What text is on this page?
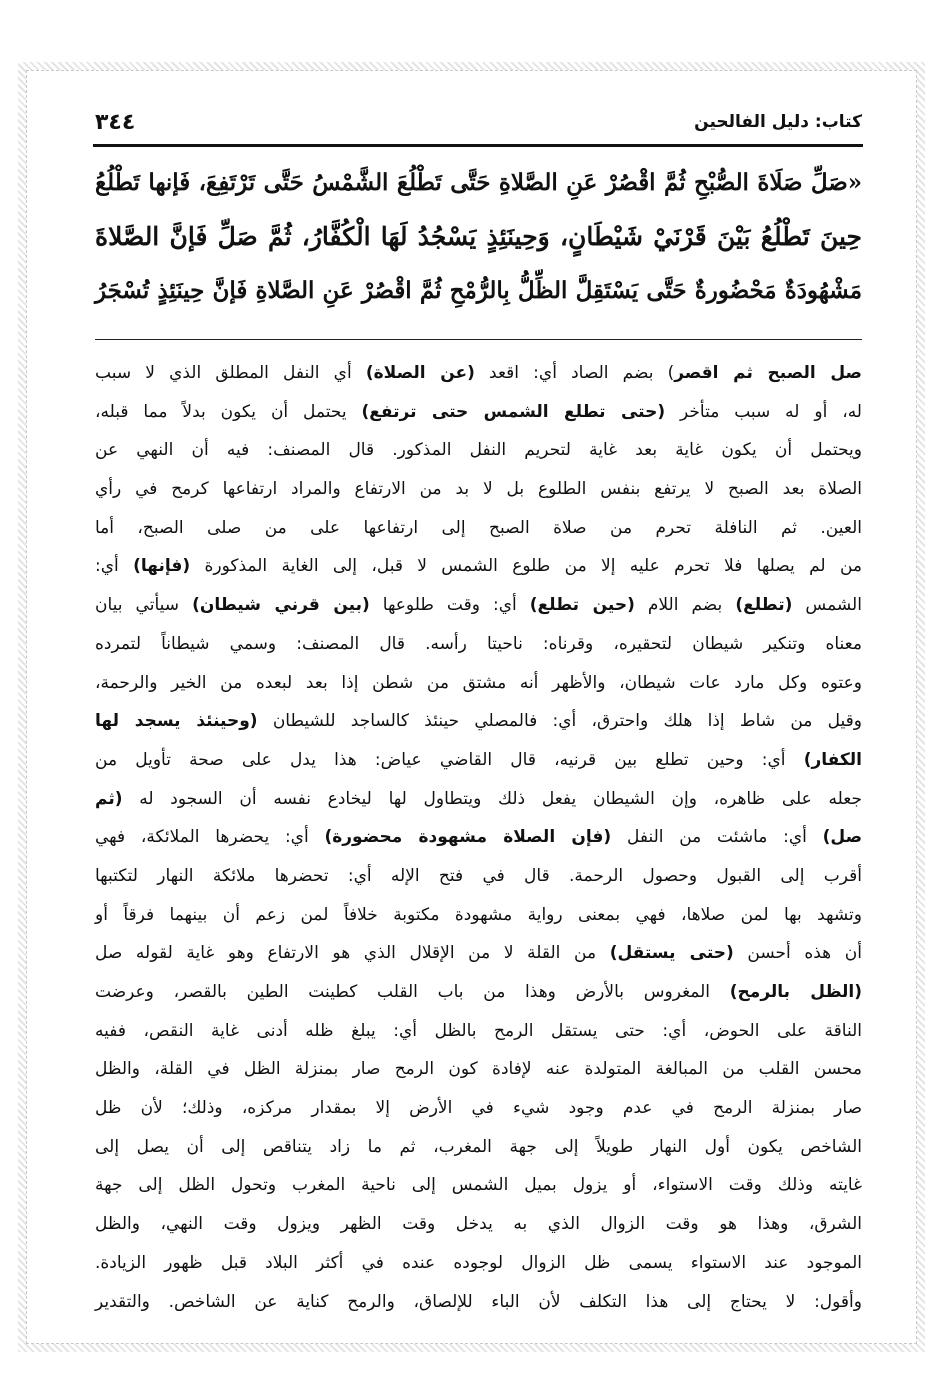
٣٤٤	كتاب: دليل الفالحين
«صَلِّ صَلَاةَ الصُّبْحِ ثُمَّ اقْصُرْ عَنِ الصَّلاةِ حَتَّى تَطْلُعَ الشَّمْسُ حَتَّى تَرْتَفِعَ، فَإنها تَطْلُعُ
حِينَ تَطْلُعُ بَيْنَ قَرْنَيْ شَيْطَانٍ، وَحِينَئِذٍ يَسْجُدُ لَهَا الْكُفَّارُ، ثُمَّ صَلِّ فَإنَّ الصَّلاةَ
مَشْهُودَةٌ مَحْضُورةٌ حَتَّى يَسْتَقِلَّ الظِّلُّ بِالرُّمْحِ ثُمَّ اقْصُرْ عَنِ الصَّلاةِ فَإنَّ حِينَئِذٍ تُسْجَرُ
صل الصبح ثم اقصر) بضم الصاد أي: اقعد (عن الصلاة) أي النفل المطلق الذي لا سبب
له، أو له سبب متأخر (حتى تطلع الشمس حتى ترتفع) يحتمل أن يكون بدلاً مما قبله،
ويحتمل أن يكون غاية بعد غاية لتحريم النفل المذكور. قال المصنف: فيه أن النهي عن
الصلاة بعد الصبح لا يرتفع بنفس الطلوع بل لا بد من الارتفاع والمراد ارتفاعها كرمح في رأي
العين. ثم النافلة تحرم من صلاة الصبح إلى ارتفاعها على من صلى الصبح، أما
من لم يصلها فلا تحرم عليه إلا من طلوع الشمس لا قبل، إلى الغاية المذكورة (فإنها) أي:
الشمس (تطلع) بضم اللام (حين تطلع) أي: وقت طلوعها (بين قرني شيطان) سيأتي بيان
معناه وتنكير شيطان لتحقيره، وقرناه: ناحيتا رأسه. قال المصنف: وسمي شيطاناً لتمرده
وعتوه وكل مارد عات شيطان، والأظهر أنه مشتق من شطن إذا بعد لبعده من الخير والرحمة،
وقيل من شاط إذا هلك واحترق، أي: فالمصلي حينئذ كالساجد للشيطان (وحينئذ يسجد لها
الكفار) أي: وحين تطلع بين قرنيه، قال القاضي عياض: هذا يدل على صحة تأويل من
جعله على ظاهره، وإن الشيطان يفعل ذلك ويتطاول لها ليخادع نفسه أن السجود له (ثم
صل) أي: ماشئت من النفل (فإن الصلاة مشهودة محضورة) أي: يحضرها الملائكة، فهي
أقرب إلى القبول وحصول الرحمة. قال في فتح الإله أي: تحضرها ملائكة النهار لتكتبها
وتشهد بها لمن صلاها، فهي بمعنى رواية مشهودة مكتوبة خلافاً لمن زعم أن بينهما فرقاً أو
أن هذه أحسن (حتى يستقل) من القلة لا من الإقلال الذي هو الارتفاع وهو غاية لقوله صل
(الظل بالرمح) المغروس بالأرض وهذا من باب القلب كطينت الطين بالقصر، وعرضت
الناقة على الحوض، أي: حتى يستقل الرمح بالظل أي: يبلغ ظله أدنى غاية النقص، ففيه
محسن القلب من المبالغة المتولدة عنه لإفادة كون الرمح صار بمنزلة الظل في القلة، والظل
صار بمنزلة الرمح في عدم وجود شيء في الأرض إلا بمقدار مركزه، وذلك؛ لأن ظل
الشاخص يكون أول النهار طويلاً إلى جهة المغرب، ثم ما زاد يتناقص إلى أن يصل إلى
غايته وذلك وقت الاستواء، أو يزول بميل الشمس إلى ناحية المغرب وتحول الظل إلى جهة
الشرق، وهذا هو وقت الزوال الذي به يدخل وقت الظهر ويزول وقت النهي، والظل
الموجود عند الاستواء يسمى ظل الزوال لوجوده عنده في أكثر البلاد قبل ظهور الزيادة.
وأقول: لا يحتاج إلى هذا التكلف لأن الباء للإلصاق، والرمح كناية عن الشاخص. والتقدير
